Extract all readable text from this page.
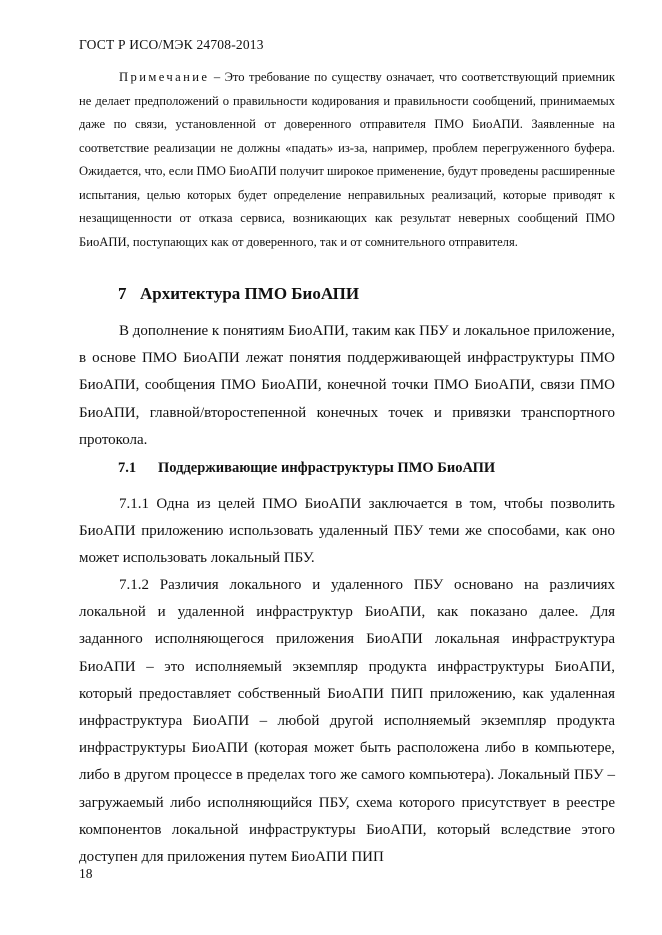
ГОСТ Р ИСО/МЭК 24708-2013

Примечание – Это требование по существу означает, что соответствующий приемник не делает предположений о правильности кодирования и правильности сообщений, принимаемых даже по связи, установленной от доверенного отправителя ПМО БиоАПИ. Заявленные на соответствие реализации не должны «падать» из-за, например, проблем перегруженного буфера. Ожидается, что, если ПМО БиоАПИ получит широкое применение, будут проведены расширенные испытания, целью которых будет определение неправильных реализаций, которые приводят к незащищенности от отказа сервиса, возникающих как результат неверных сообщений ПМО БиоАПИ, поступающих как от доверенного, так и от сомнительного отправителя.

7 Архитектура ПМО БиоАПИ

В дополнение к понятиям БиоАПИ, таким как ПБУ и локальное приложение, в основе ПМО БиоАПИ лежат понятия поддерживающей инфраструктуры ПМО БиоАПИ, сообщения ПМО БиоАПИ, конечной точки ПМО БиоАПИ, связи ПМО БиоАПИ, главной/второстепенной конечных точек и привязки транспортного протокола.

7.1 Поддерживающие инфраструктуры ПМО БиоАПИ

7.1.1 Одна из целей ПМО БиоАПИ заключается в том, чтобы позволить БиоАПИ приложению использовать удаленный ПБУ теми же способами, как оно может использовать локальный ПБУ.

7.1.2 Различия локального и удаленного ПБУ основано на различиях локальной и удаленной инфраструктур БиоАПИ, как показано далее. Для заданного исполняющегося приложения БиоАПИ локальная инфраструктура БиоАПИ – это исполняемый экземпляр продукта инфраструктуры БиоАПИ, который предоставляет собственный БиоАПИ ПИП приложению, как удаленная инфраструктура БиоАПИ – любой другой исполняемый экземпляр продукта инфраструктуры БиоАПИ (которая может быть расположена либо в компьютере, либо в другом процессе в пределах того же самого компьютера). Локальный ПБУ – загружаемый либо исполняющийся ПБУ, схема которого присутствует в реестре компонентов локальной инфраструктуры БиоАПИ, который вследствие этого доступен для приложения путем БиоАПИ ПИП

18
